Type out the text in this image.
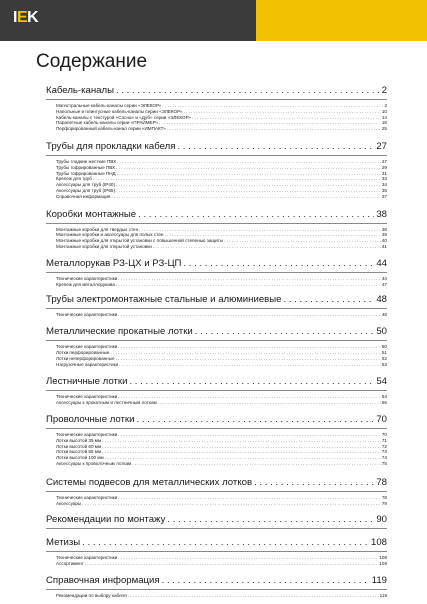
IEK
Содержание
Кабель-каналы . . .	2
Магистральные кабель-каналы серии «ЭЛЕКОР» . . .	2
Напольные и плинтусные кабель-каналы серии «ЭЛЕКОР» . . .	10
Кабель-каналы с текстурой «Сосна» и «Дуб» серии «ЭЛЕКОР» . . .	14
Парапетные кабель-каналы серии «ПРАЙМЕР» . . .	18
Перфорированный кабель-канал серии «ИМПАКТ» . . .	25
Трубы для прокладки кабеля . . .	27
Трубы гладкие жесткие ПВХ . . .	27
Трубы гофрированные ПВХ . . .	29
Трубы гофрированные ПНД . . .	31
Крепеж для труб . . .	33
Аксессуары для труб (IP40) . . .	34
Аксессуары для труб (IP65) . . .	35
Справочная информация . . .	37
Коробки монтажные . . .	38
Монтажные коробки для твердых стен . . .	38
Монтажные коробки и аксессуары для полых стен . . .	39
Монтажные коробки для открытой установки с повышенной степенью защиты . . .	40
Монтажные коробки для открытой установки . . .	41
Металлорукав РЗ-ЦХ и РЗ-ЦП . . .	44
Технические характеристики . . .	44
Крепеж для металлорукава . . .	47
Трубы электромонтажные стальные и алюминиевые . . .	48
Технические характеристики . . .	48
Металлические прокатные лотки . . .	50
Технические характеристики . . .	50
Лотки перфорированные . . .	51
Лотки неперфорированные . . .	52
Нагрузочные характеристики . . .	53
Лестничные лотки . . .	54
Технические характеристики . . .	54
Аксессуары к прокатным и лестничным лоткам . . .	56
Проволочные лотки . . .	70
Технические характеристики . . .	70
Лотки высотой 35 мм . . .	71
Лотки высотой 60 мм . . .	72
Лотки высотой 85 мм . . .	73
Лотки высотой 100 мм . . .	74
Аксессуары к проволочным лоткам . . .	75
Системы подвесов для металлических лотков . . .	78
Технические характеристики . . .	78
Аксессуары . . .	79
Рекомендации по монтажу . . .	90
Метизы . . .	108
Технические характеристики . . .	108
Ассортимент . . .	109
Справочная информация . . .	119
Рекомендации по выбору кабеля . . .	119
